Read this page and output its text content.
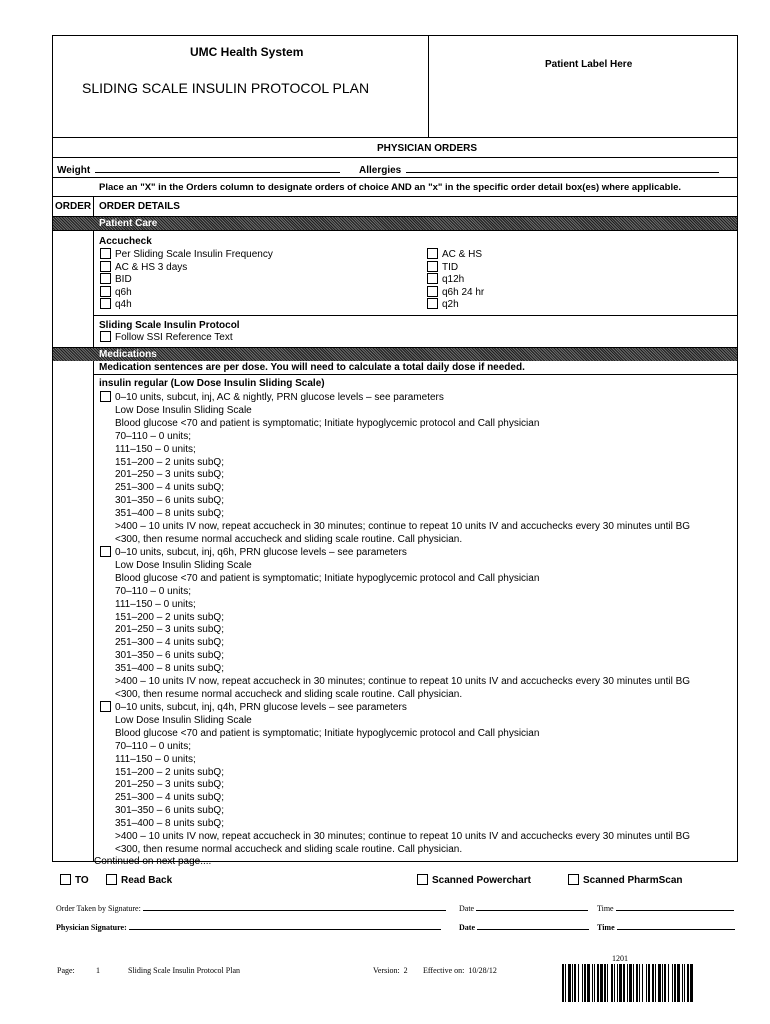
UMC Health System
SLIDING SCALE INSULIN PROTOCOL PLAN
Patient Label Here
PHYSICIAN ORDERS
Weight	Allergies
Place an "X" in the Orders column to designate orders of choice AND an "x" in the specific order detail box(es) where applicable.
ORDER ORDER DETAILS
Patient Care
Accucheck
Per Sliding Scale Insulin Frequency
AC & HS 3 days
BID
q6h
q4h
AC & HS
TID
q12h
q6h 24 hr
q2h
Sliding Scale Insulin Protocol
Follow SSI Reference Text
Medications
Medication sentences are per dose. You will need to calculate a total daily dose if needed.
insulin regular (Low Dose Insulin Sliding Scale)
0–10 units, subcut, inj, AC & nightly, PRN glucose levels – see parameters
Low Dose Insulin Sliding Scale
Blood glucose <70 and patient is symptomatic; Initiate hypoglycemic protocol and Call physician
70–110 – 0 units;
111–150 – 0 units;
151–200 – 2 units subQ;
201–250 – 3 units subQ;
251–300 – 4 units subQ;
301–350 – 6 units subQ;
351–400 – 8 units subQ;
>400 – 10 units IV now, repeat accucheck in 30 minutes; continue to repeat 10 units IV and accuchecks every 30 minutes until BG
<300, then resume normal accucheck and sliding scale routine. Call physician.
0–10 units, subcut, inj, q6h, PRN glucose levels – see parameters
Low Dose Insulin Sliding Scale
Blood glucose <70 and patient is symptomatic; Initiate hypoglycemic protocol and Call physician
70–110 – 0 units;
111–150 – 0 units;
151–200 – 2 units subQ;
201–250 – 3 units subQ;
251–300 – 4 units subQ;
301–350 – 6 units subQ;
351–400 – 8 units subQ;
>400 – 10 units IV now, repeat accucheck in 30 minutes; continue to repeat 10 units IV and accuchecks every 30 minutes until BG
<300, then resume normal accucheck and sliding scale routine. Call physician.
0–10 units, subcut, inj, q4h, PRN glucose levels – see parameters
Low Dose Insulin Sliding Scale
Blood glucose <70 and patient is symptomatic; Initiate hypoglycemic protocol and Call physician
70–110 – 0 units;
111–150 – 0 units;
151–200 – 2 units subQ;
201–250 – 3 units subQ;
251–300 – 4 units subQ;
301–350 – 6 units subQ;
351–400 – 8 units subQ;
>400 – 10 units IV now, repeat accucheck in 30 minutes; continue to repeat 10 units IV and accuchecks every 30 minutes until BG
<300, then resume normal accucheck and sliding scale routine. Call physician.
TO	Read Back	Scanned Powerchart	Scanned PharmScan
Order Taken by Signature:	Date	Time
Physician Signature:	Date	Time
Page:	1	Sliding Scale Insulin Protocol Plan	Version:  2 Effective on:  10/28/12
1201
